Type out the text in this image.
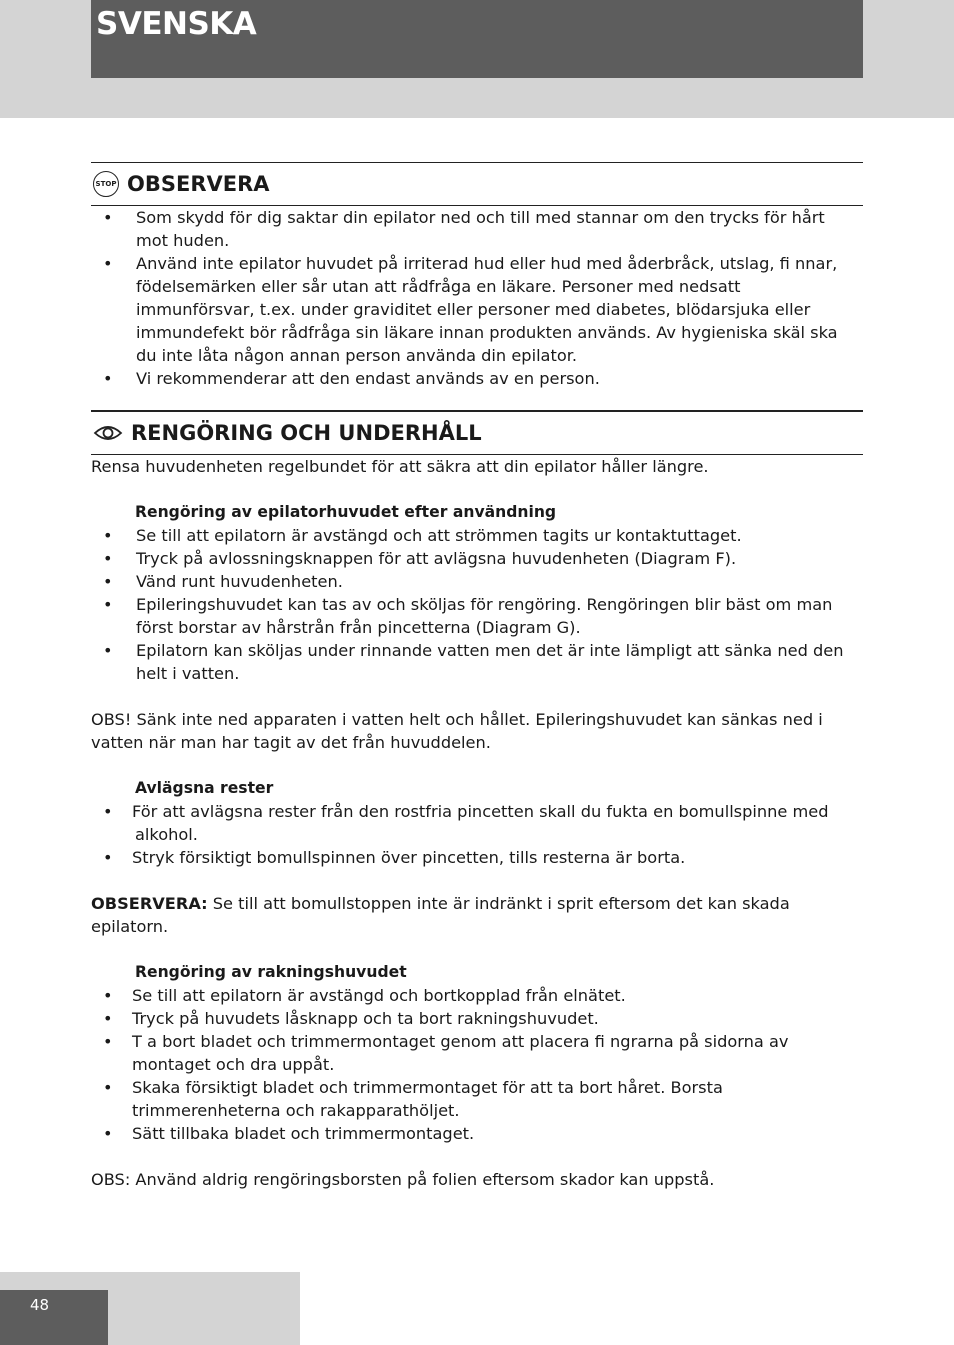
SVENSKA
STOP OBSERVERA
• Som skydd för dig saktar din epilator ned och till med stannar om den trycks för hårt
mot huden.
• Använd inte epilator huvudet på irriterad hud eller hud med åderbråck, utslag, fi nnar,
födelsemärken eller sår utan att rådfråga en läkare. Personer med nedsatt
immunförsvar, t.ex. under graviditet eller personer med diabetes, blödarsjuka eller
immundefekt bör rådfråga sin läkare innan produkten används. Av hygieniska skäl ska
du inte låta någon annan person använda din epilator.
• Vi rekommenderar att den endast används av en person.
RENGÖRING OCH UNDERHÅLL

Rensa huvudenheten regelbundet för att säkra att din epilator håller längre.

Rengöring av epilatorhuvudet efter användning

• Se till att epilatorn är avstängd och att strömmen tagits ur kontaktuttaget.
• Tryck på avlossningsknappen för att avlägsna huvudenheten (Diagram F).
• Vänd runt huvudenheten.
• Epileringshuvudet kan tas av och sköljas för rengöring. Rengöringen blir bäst om man
först borstar av hårstrån från pincetterna (Diagram G).
• Epilatorn kan sköljas under rinnande vatten men det är inte lämpligt att sänka ned den
helt i vatten.

OBS! Sänk inte ned apparaten i vatten helt och hållet. Epileringshuvudet kan sänkas ned i
vatten när man har tagit av det från huvuddelen.

Avlägsna rester

• För att avlägsna rester från den rostfria pincetten skall du fukta en bomullspinne med
alkohol.
• Stryk försiktigt bomullspinnen över pincetten, tills resterna är borta.

OBSERVERA: Se till att bomullstoppen inte är indränkt i sprit eftersom det kan skada
epilatorn.

Rengöring av rakningshuvudet

• Se till att epilatorn är avstängd och bortkopplad från elnätet.
• Tryck på huvudets låsknapp och ta bort rakningshuvudet.
• T a bort bladet och trimmermontaget genom att placera fi ngrarna på sidorna av
montaget och dra uppåt.
• Skaka försiktigt bladet och trimmermontaget för att ta bort håret. Borsta
trimmerenheterna och rakapparathöljet.
• Sätt tillbaka bladet och trimmermontaget.

OBS: Använd aldrig rengöringsborsten på folien eftersom skador kan uppstå.

48
